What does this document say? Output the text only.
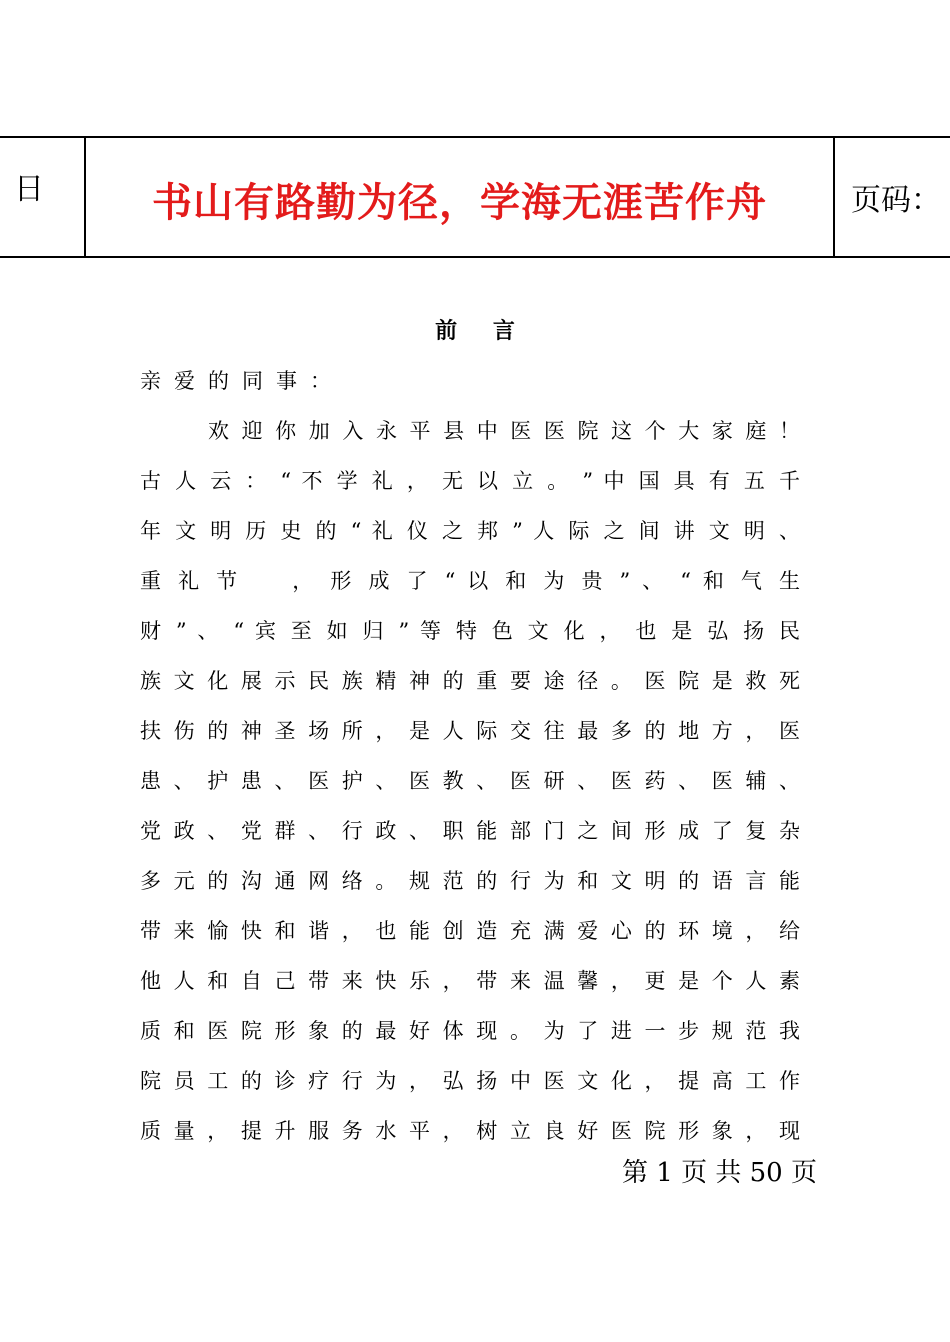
日	书山有路勤为径，学海无涯苦作舟	页码：
前 言
亲爱的同事：
欢 迎 你 加 入 永 平 县 中 医 医 院 这 个 大 家 庭 ！
古 人 云 ： “ 不 学 礼 ， 无 以 立 。 ” 中 国 具 有 五 千
年 文 明 历 史 的 “ 礼 仪 之 邦 ” 人 际 之 间 讲 文 明 、
重 礼 节 　 ， 形 成 了 “ 以 和 为 贵 ” 、 “ 和 气 生
财 ” 、 “ 宾 至 如 归 ” 等 特 色 文 化 ， 也 是 弘 扬 民
族 文 化 展 示 民 族 精 神 的 重 要 途 径 。 医 院 是 救 死
扶 伤 的 神 圣 场 所 ， 是 人 际 交 往 最 多 的 地 方 ， 医
患 、 护 患 、 医 护 、 医 教 、 医 研 、 医 药 、 医 辅 、
党 政 、 党 群 、 行 政 、 职 能 部 门 之 间 形 成 了 复 杂
多 元 的 沟 通 网 络 。 规 范 的 行 为 和 文 明 的 语 言 能
带 来 愉 快 和 谐 ， 也 能 创 造 充 满 爱 心 的 环 境 ， 给
他 人 和 自 己 带 来 快 乐 ， 带 来 温 馨 ， 更 是 个 人 素
质 和 医 院 形 象 的 最 好 体 现 。 为 了 进 一 步 规 范 我
院 员 工 的 诊 疗 行 为 ， 弘 扬 中 医 文 化 ， 提 高 工 作
质 量 ， 提 升 服 务 水 平 ， 树 立 良 好 医 院 形 象 ， 现
第 1 页 共 50 页
